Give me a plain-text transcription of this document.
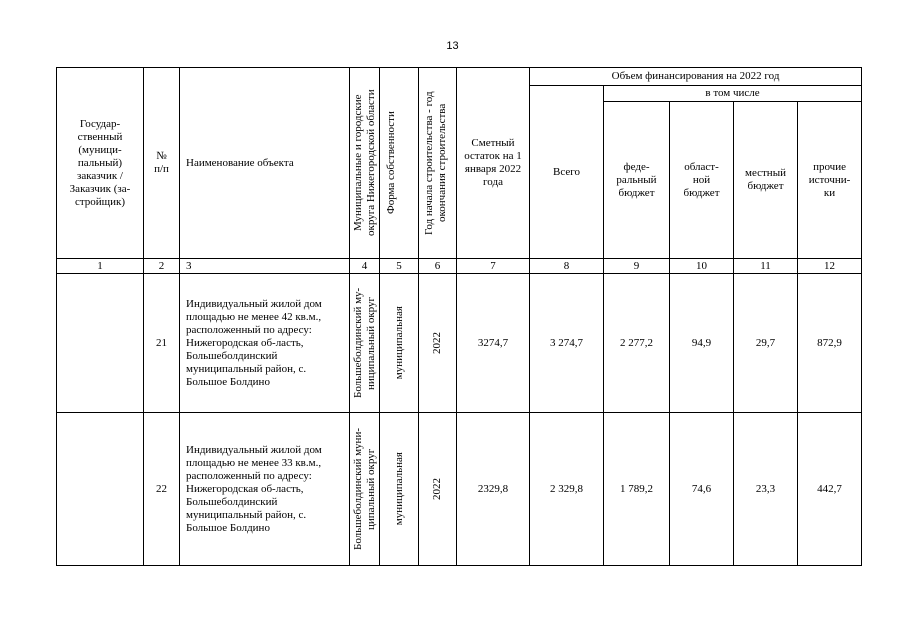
13
Государ-ственный (муници-пальный) заказчик / Заказчик (за-стройщик)	№ п/п	Наименование объекта	Муниципальные и городские округа Нижегородской области	Форма собственности	Год начала строительства - год окончания строительства	Сметный остаток на 1 января 2022 года	Объем финансирования на 2022 год				
							Всего	в том числе			

								феде-ральный бюджет	област-ной бюджет	местный бюджет	прочие источни-ки

1	2	3	4	5	6	7	8	9	10	11	12
	21	Индивидуальный жилой дом площадью не менее 42 кв.м., расположенный по адресу: Нижегородская об-ласть, Большеболдинский муниципальный район, с. Большое Болдино	Большеболдинский му-ниципальный округ	муниципальная	2022	3274,7	3 274,7	2 277,2	94,9	29,7	872,9
	22	Индивидуальный жилой дом площадью не менее 33 кв.м., расположенный по адресу: Нижегородская об-ласть, Большеболдинский муниципальный район, с. Большое Болдино	Большеболдинский муни-ципальный округ	муниципальная	2022	2329,8	2 329,8	1 789,2	74,6	23,3	442,7
